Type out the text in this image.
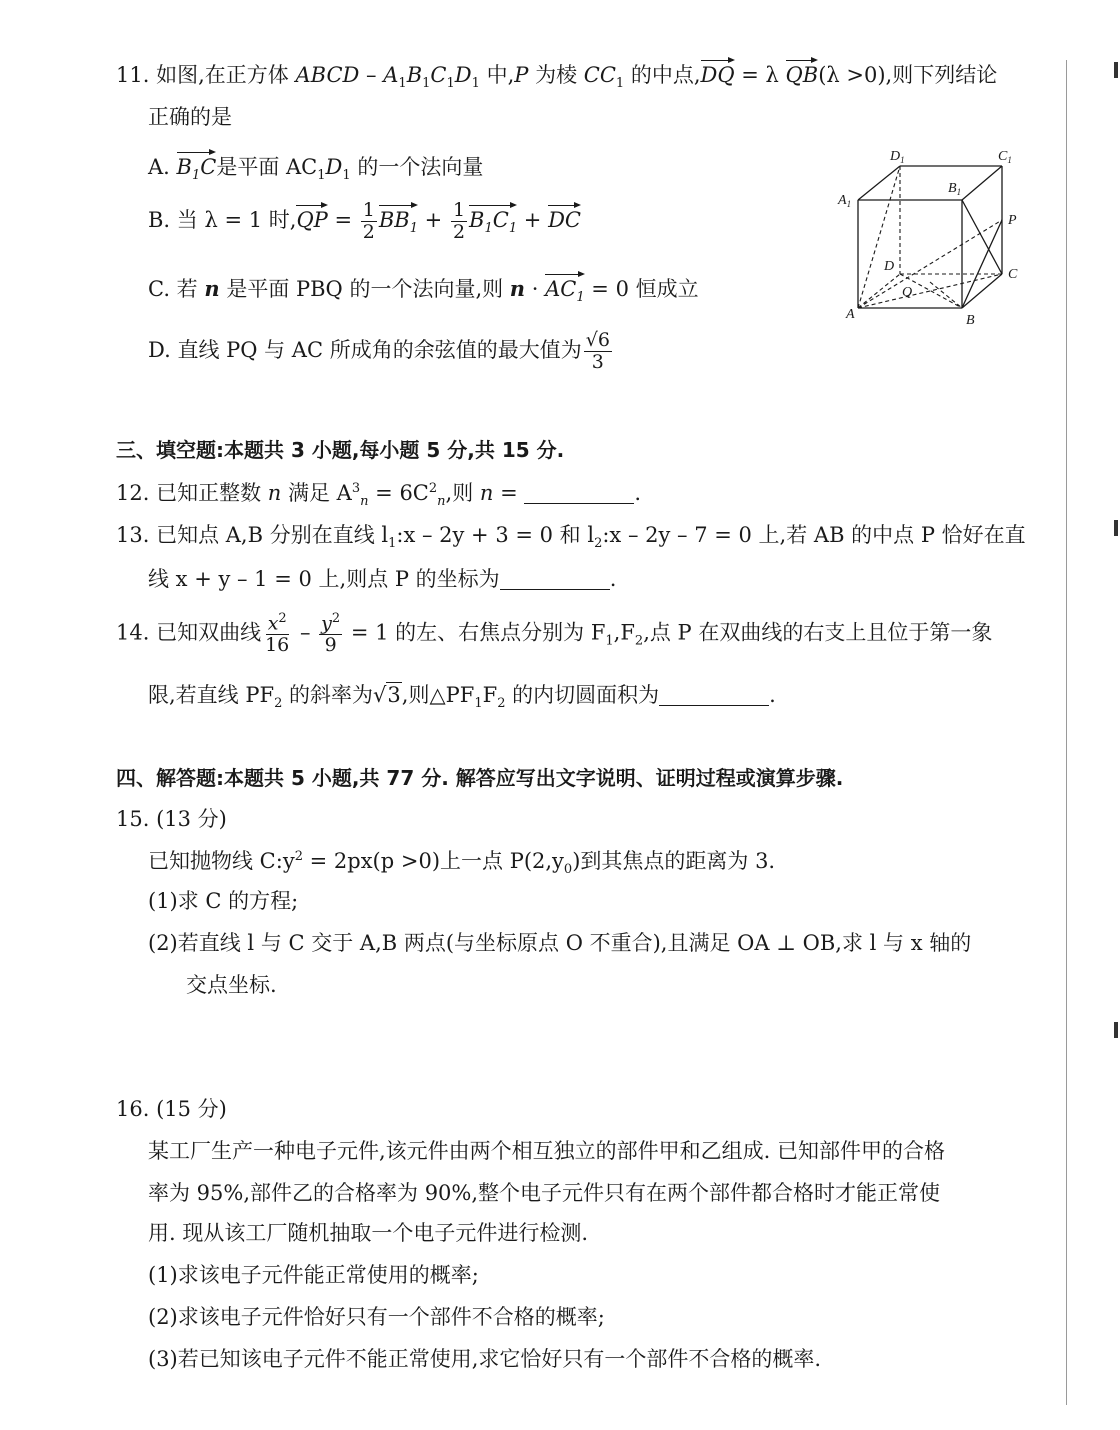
11. 如图,在正方体 ABCD – $A_1B_1C_1D_1$ 中,P 为棱 $CC_1$ 的中点,DQ = λ QB(λ >0),则下列结论
正确的是
A. $B_1C$是平面 $AC_1D_1$ 的一个法向量
B. 当 λ = 1 时$,QP = \frac{1}{2} BB_1 + \frac{1}{2} B_1C_1$ + DC
C. 若 n 是平面 PBQ 的一个法向量,则 $n \cdot AC_1 = 0$ 恒成立
D. 直线 PQ 与 AC 所成角的余弦值的最大值为 $\frac{√6}{3}$
$D_1$	$C_1$
$A_1$
$B_1$
P
D
Q
C
A	B
三、填空题:本题共 3 小题,每小题 5 分,共 15 分.
12. 已知正整数 n 满足 $A^3_n = 6C^2_n$,则 n =	.
13. 已知点 A,B 分别在直线 $l_1:x - 2y + 3 = 0$ 和 $l_2:x - 2y - 7 = 0$ 上,若 AB 的中点 P 恰好在直
线 x + y – 1 = 0 上,则点 P 的坐标为	.
14. 已知双曲线 $\frac{x^2}{16} - \frac{y^2}{9} = 1$ 的左、右焦点分别为 $F_1,F_2$,点 P 在双曲线的右支上且位于第一象
限,若直线 $PF_2$ 的斜率为√3,则$\triangle PF_1F_2$ 的内切圆面积为	.
四、解答题:本题共 5 小题,共 77 分. 解答应写出文字说明、证明过程或演算步骤.
15. (13 分)
已知抛物线 $C:y^2 = 2px(p >0)$上一点 $P(2,y_0)$到其焦点的距离为 3.
(1)求 C 的方程;
(2)若直线 l 与 C 交于 A,B 两点(与坐标原点 O 不重合),且满足 OA ⊥ OB,求 l 与 x 轴的
交点坐标.
16. (15 分)
某工厂生产一种电子元件,该元件由两个相互独立的部件甲和乙组成. 已知部件甲的合格
率为 95%,部件乙的合格率为 90%,整个电子元件只有在两个部件都合格时才能正常使
用. 现从该工厂随机抽取一个电子元件进行检测.
(1)求该电子元件能正常使用的概率;
(2)求该电子元件恰好只有一个部件不合格的概率;
(3)若已知该电子元件不能正常使用,求它恰好只有一个部件不合格的概率.
